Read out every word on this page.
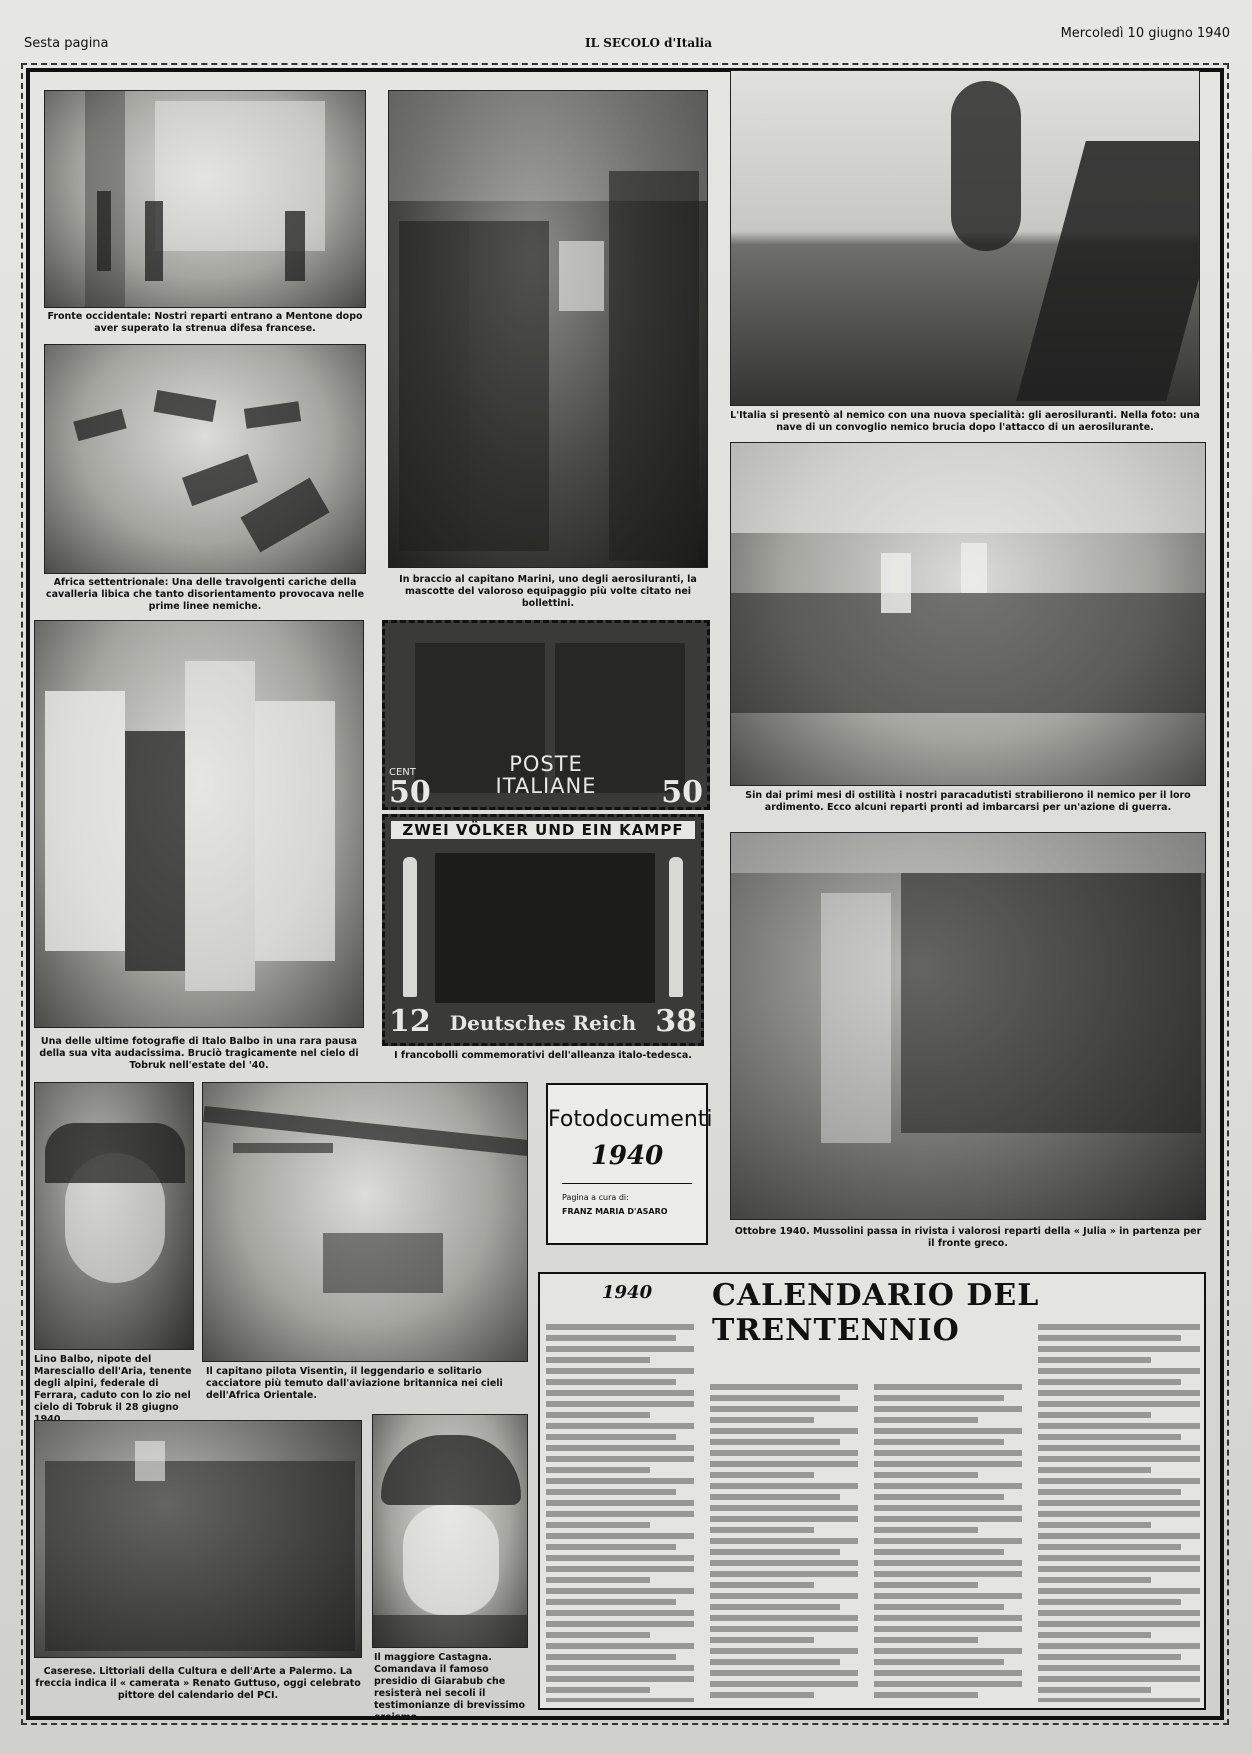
Sesta pagina	IL SECOLO d'Italia
Mercoledì 10 giugno 1940
Fronte occidentale: Nostri reparti entrano a Mentone dopo aver superato la strenua difesa francese.
Africa settentrionale: Una delle travolgenti cariche della cavalleria libica che tanto disorientamento provocava nelle prime linee nemiche.
In braccio al capitano Marini, uno degli aerosiluranti, la mascotte del valoroso equipaggio più volte citato nei bollettini.
L'Italia si presentò al nemico con una nuova specialità: gli aerosiluranti. Nella foto: una nave di un convoglio nemico brucia dopo l'attacco di un aerosilurante.
Sin dai primi mesi di ostilità i nostri paracadutisti strabilierono il nemico per il loro ardimento. Ecco alcuni reparti pronti ad imbarcarsi per un'azione di guerra.
Ottobre 1940. Mussolini passa in rivista i valorosi reparti della « Julia » in partenza per il fronte greco.
Una delle ultime fotografie di Italo Balbo in una rara pausa della sua vita audacissima. Bruciò tragicamente nel cielo di Tobruk nell'estate del '40.
POSTE
ITALIANE
CENT
50	50
ZWEI VÖLKER UND EIN KAMPF
Deutsches Reich
12	38
I francobolli commemorativi dell'alleanza italo-tedesca.
Lino Balbo, nipote del Maresciallo dell'Aria, tenente degli alpini, federale di Ferrara, caduto con lo zio nel cielo di Tobruk il 28 giugno
Il capitano pilota Visentin, il leggendario e solitario cacciatore più temuto dall'aviazione britannica nei cieli dell'Africa Orientale.
Fotodocumenti
1940
Pagina a cura di:
FRANZ MARIA D'ASARO
Caserese. Littoriali della Cultura e dell'Arte a Palermo. La freccia indica il « camerata » Renato Guttuso, oggi celebrato pittore del calendario del PCI.
Il maggiore Castagna. Comandava il famoso presidio di Giarabub che resisterà nei secoli il testimonianze di brevissimo eroismo.
1940 CALENDARIO DEL TRENTENNIO
